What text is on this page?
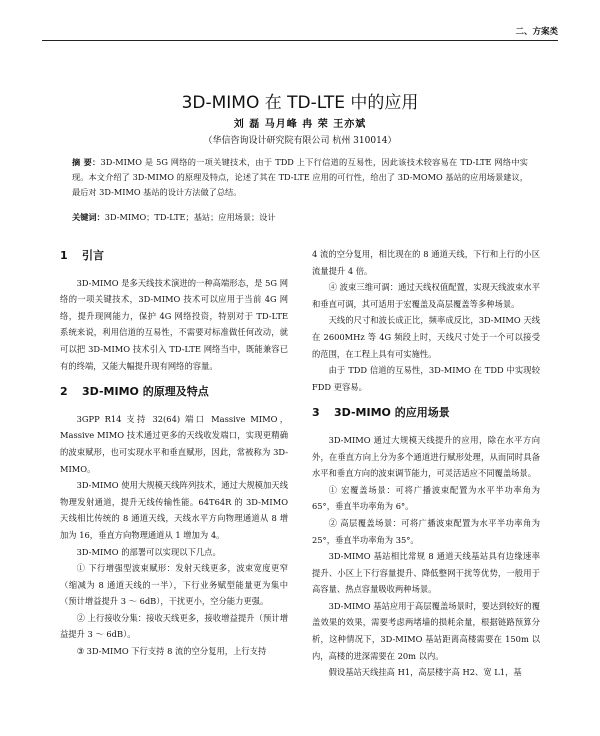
二、方案类
3D-MIMO 在 TD-LTE 中的应用
刘 磊 马月峰 冉 荣 王亦斌
（华信咨询设计研究院有限公司 杭州 310014）
摘 要：3D-MIMO 是 5G 网络的一项关键技术，由于 TDD 上下行信道的互易性，因此该技术较容易在 TD-LTE 网络中实现。本文介绍了 3D-MIMO 的原理及特点，论述了其在 TD-LTE 应用的可行性，给出了 3D-MOMO 基站的应用场景建议，最后对 3D-MIMO 基站的设计方法做了总结。
关键词：3D-MIMO；TD-LTE；基站；应用场景；设计
1 引言

3D-MIMO 是多天线技术演进的一种高端形态，是 5G 网络的一项关键技术，3D-MIMO 技术可以应用于当前 4G 网络，提升现网能力，保护 4G 网络投资，特别对于 TD-LTE 系统来说，利用信道的互易性，不需要对标准做任何改动，就可以把 3D-MIMO 技术引入 TD-LTE 网络当中，既能兼容已有的终端，又能大幅提升现有网络的容量。

2 3D-MIMO 的原理及特点

3GPP R14 支持 32(64) 端口 Massive MIMO，Massive MIMO 技术通过更多的天线收发端口，实现更精确的波束赋形，也可实现水平和垂直赋形，因此，常被称为 3D-MIMO。

3D-MIMO 使用大规模天线阵列技术，通过大规模加天线物理发射通道，提升无线传输性能。64T64R 的 3D-MIMO 天线相比传统的 8 通道天线，天线水平方向物理通道从 8 增加为 16，垂直方向物理通道从 1 增加为 4。

3D-MIMO 的部署可以实现以下几点。

① 下行增强型波束赋形：发射天线更多，波束宽度更窄（缩减为 8 通道天线的一半），下行业务赋型能量更为集中（预计增益提升 3 ～ 6dB），干扰更小，空分能力更强。

② 上行接收分集：接收天线更多，接收增益提升（预计增益提升 3 ～ 6dB）。

③ 3D-MIMO 下行支持 8 流的空分复用，上行支持

4 流的空分复用，相比现在的 8 通道天线，下行和上行的小区流量提升 4 倍。

④ 波束三维可调：通过天线权值配置，实现天线波束水平和垂直可调，其可适用于宏覆盖及高层覆盖等多种场景。

天线的尺寸和波长成正比，频率成反比，3D-MIMO 天线在 2600MHz 等 4G 频段上时，天线尺寸处于一个可以接受的范围，在工程上具有可实施性。

由于 TDD 信道的互易性，3D-MIMO 在 TDD 中实现较 FDD 更容易。

3 3D-MIMO 的应用场景

3D-MIMO 通过大规模天线提升的应用，除在水平方向外，在垂直方向上分为多个通道进行赋形处理，从而同时具备水平和垂直方向的波束调节能力，可灵活适应不同覆盖场景。

① 宏覆盖场景：可将广播波束配置为水平半功率角为 65°，垂直半功率角为 6°。

② 高层覆盖场景：可将广播波束配置为水平半功率角为 25°，垂直半功率角为 35°。

3D-MIMO 基站相比常规 8 通道天线基站具有边缘速率提升、小区上下行容量提升、降低整网干扰等优势，一般用于高容量、热点容量吸收两种场景。

3D-MIMO 基站应用于高层覆盖场景时，要达到较好的覆盖效果的效果，需要考虑两堵墙的损耗余量，根据链路预算分析，这种情况下，3D-MIMO 基站距离高楼需要在 150m 以内，高楼的进深需要在 20m 以内。

假设基站天线挂高 H1，高层楼宇高 H2、宽 L1，基
